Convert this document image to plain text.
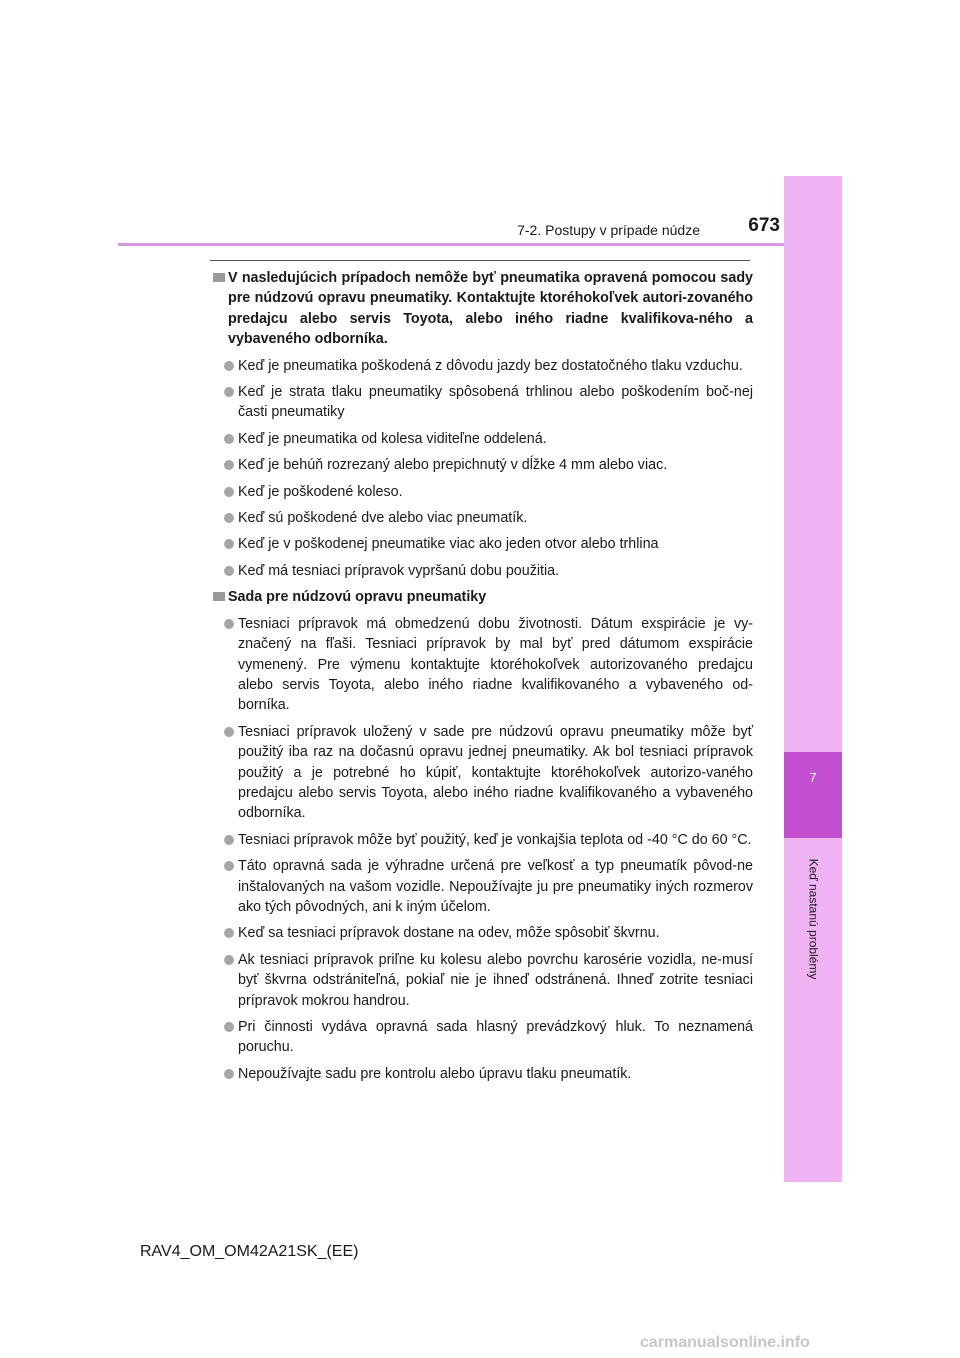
7
Keď nastanú problémy
7-2. Postupy v prípade núdze	673

V nasledujúcich prípadoch nemôže byť pneumatika opravená pomocou sady pre núdzovú opravu pneumatiky. Kontaktujte ktoréhokoľvek autori-zovaného predajcu alebo servis Toyota, alebo iného riadne kvalifikova-ného a vybaveného odborníka.

Keď je pneumatika poškodená z dôvodu jazdy bez dostatočného tlaku vzduchu.

Keď je strata tlaku pneumatiky spôsobená trhlinou alebo poškodením boč-nej časti pneumatiky

Keď je pneumatika od kolesa viditeľne oddelená.

Keď je behúň rozrezaný alebo prepichnutý v dĺžke 4 mm alebo viac.

Keď je poškodené koleso.

Keď sú poškodené dve alebo viac pneumatík.

Keď je v poškodenej pneumatike viac ako jeden otvor alebo trhlina

Keď má tesniaci prípravok vypršanú dobu použitia.

Sada pre núdzovú opravu pneumatiky

Tesniaci prípravok má obmedzenú dobu životnosti. Dátum exspirácie je vy-značený na fľaši. Tesniaci prípravok by mal byť pred dátumom exspirácie vymenený. Pre výmenu kontaktujte ktoréhokoľvek autorizovaného predajcu alebo servis Toyota, alebo iného riadne kvalifikovaného a vybaveného od-borníka.

Tesniaci prípravok uložený v sade pre núdzovú opravu pneumatiky môže byť použitý iba raz na dočasnú opravu jednej pneumatiky. Ak bol tesniaci prípravok použitý a je potrebné ho kúpiť, kontaktujte ktoréhokoľvek autorizo-vaného predajcu alebo servis Toyota, alebo iného riadne kvalifikovaného a vybaveného odborníka.

Tesniaci prípravok môže byť použitý, keď je vonkajšia teplota od -40 °C do 60 °C.

Táto opravná sada je výhradne určená pre veľkosť a typ pneumatík pôvod-ne inštalovaných na vašom vozidle. Nepoužívajte ju pre pneumatiky iných rozmerov ako tých pôvodných, ani k iným účelom.

Keď sa tesniaci prípravok dostane na odev, môže spôsobiť škvrnu.

Ak tesniaci prípravok priľne ku kolesu alebo povrchu karosérie vozidla, ne-musí byť škvrna odstrániteľná, pokiaľ nie je ihneď odstránená. Ihneď zotrite tesniaci prípravok mokrou handrou.

Pri činnosti vydáva opravná sada hlasný prevádzkový hluk. To neznamená poruchu.

Nepoužívajte sadu pre kontrolu alebo úpravu tlaku pneumatík.

RAV4_OM_OM42A21SK_(EE)
carmanualsonline.info
